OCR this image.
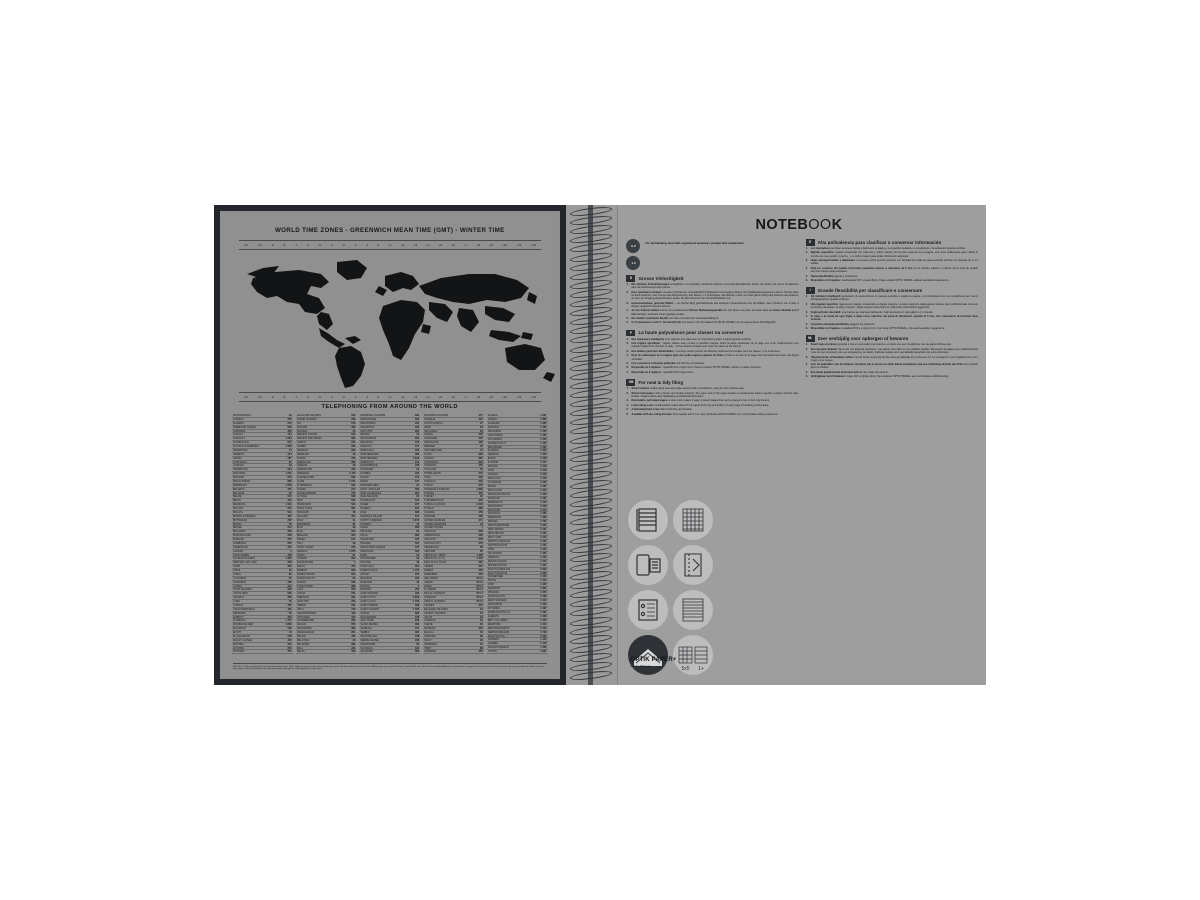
WORLD TIME ZONES - GREENWICH MEAN TIME (GMT) - WINTER TIME
-11	-10	-9	-8	-7	-6	-5	-4	-3	-2	-1	0	+1	+2	+3	+4	+5	+6	+7	+8	+9	+10	+11	+12
-11	-10	-9	-8	-7	-6	-5	-4	-3	-2	-1	0	+1	+2	+3	+4	+5	+6	+7	+8	+9	+10	+11	+12
TELEPHONING FROM AROUND THE WORLD
AFGHANISTAN	93
ALBANIA	355
ALGERIA	213
AMERICAN SAMOA	684
ANDORRA	376
ANGOLA	244
ANGUILLA	1 264
ANTARCTICA	672
ANTIGUA & BARBUDA	1 268
ARGENTINA	54
ARMENIA	374
ARUBA	297
AUSTRALIA	61
AUSTRIA	43
AZERBAIJAN	994
BAHAMAS	1 242
BAHRAIN	973
BANGLADESH	880
BARBADOS	1 246
BELARUS	375
BELGIUM	32
BELIZE	501
BENIN	229
BERMUDA	1 441
BHUTAN	975
BOLIVIA	591
BOSNIA & HERZEG.	387
BOTSWANA	267
BRAZIL	55
BRUNEI	673
BULGARIA	359
BURKINA FASO	226
BURUNDI	257
CAMBODIA	855
CAMEROON	237
CANADA	1
CAPE VERDE	238
CAYMAN ISLANDS	1 345
CENTRAL AFR. REP.	236
CHAD	235
CHILE	56
CHINA	86
COLOMBIA	57
COMOROS	269
CONGO	242
COOK ISLANDS	682
COSTA RICA	506
CROATIA	385
CUBA	53
CYPRUS	357
CZECH REPUBLIC	420
DENMARK	45
DJIBOUTI	253
DOMINICA	1 767
DOMINICAN REP.	1 809
ECUADOR	593
EGYPT	20
EL SALVADOR	503
EQUAT. GUINEA	240
ERITREA	291
ESTONIA	372
ETHIOPIA	251
FALKLAND ISLANDS	500
FAROE ISLANDS	298
FIJI	679
FINLAND	358
FRANCE	33
FRENCH GUIANA	594
FRENCH POLYNESIA	689
GABON	241
GAMBIA	220
GEORGIA	995
GERMANY	49
GHANA	233
GIBRALTAR	350
GREECE	30
GREENLAND	299
GRENADA	1 473
GUADELOUPE	590
GUAM	1 671
GUATEMALA	502
GUINEA	224
GUINEA-BISSAU	245
GUYANA	592
HAITI	509
HONDURAS	504
HONG KONG	852
HUNGARY	36
ICELAND	354
INDIA	91
INDONESIA	62
IRAN	98
IRAQ	964
IRELAND	353
ISRAEL	972
ITALY	39
IVORY COAST	225
JAMAICA	1 876
JAPAN	81
JORDAN	962
KAZAKHSTAN	7
KENYA	254
KIRIBATI	686
KOREA NORTH	850
KOREA SOUTH	82
KUWAIT	965
KYRGYZSTAN	996
LAOS	856
LATVIA	371
LEBANON	961
LESOTHO	266
LIBERIA	231
LIBYA	218
LIECHTENSTEIN	423
LITHUANIA	370
LUXEMBOURG	352
MACAO	853
MACEDONIA	389
MADAGASCAR	261
MALAWI	265
MALAYSIA	60
MALDIVES	960
MALI	223
MALTA	356
MARSHALL ISLANDS	692
MARTINIQUE	596
MAURITANIA	222
MAURITIUS	230
MAYOTTE	262
MEXICO	52
MICRONESIA	691
MOLDOVA	373
MONACO	377
MONGOLIA	976
MONTENEGRO	382
MONTSERRAT	1 664
MOROCCO	212
MOZAMBIQUE	258
MYANMAR	95
NAMIBIA	264
NAURU	674
NEPAL	977
NETHERLANDS	31
NETH. ANTILLES	599
NEW CALEDONIA	687
NEW ZEALAND	64
NICARAGUA	505
NIGER	227
NIGERIA	234
NIUE	683
NORFOLK ISLAND	672
NORTH. MARIANA	1 670
NORWAY	47
OMAN	968
PAKISTAN	92
PALAU	680
PALESTINE	970
PANAMA	507
PAPUA NEW GUINEA	675
PARAGUAY	595
PERU	51
PHILIPPINES	63
POLAND	48
PORTUGAL	351
PUERTO RICO	1 787
QATAR	974
REUNION	262
ROMANIA	40
RUSSIA	7
RWANDA	250
SAINT HELENA	290
SAINT KITTS	1 869
SAINT LUCIA	1 758
SAINT PIERRE	508
SAINT VINCENT	1 784
SAMOA	685
SAN MARINO	378
SAO TOME	239
SAUDI ARABIA	966
SENEGAL	221
SERBIA	381
SEYCHELLES	248
SIERRA LEONE	232
SINGAPORE	65
SLOVAKIA	421
SLOVENIA	386
SOLOMON ISLANDS	677
SOMALIA	252
SOUTH AFRICA	27
SPAIN	34
SRI LANKA	94
SUDAN	249
SURINAME	597
SWAZILAND	268
SWEDEN	46
SWITZERLAND	41
SYRIA	963
TAIWAN	886
TAJIKISTAN	992
TANZANIA	255
THAILAND	66
TIMOR-LESTE	670
TOGO	228
TOKELAU	690
TONGA	676
TRINIDAD & TOBAGO	1 868
TUNISIA	216
TURKEY	90
TURKMENISTAN	993
TURKS & CAICOS	1 649
TUVALU	688
UGANDA	256
UKRAINE	380
UNITED ARAB EM.	971
UNITED KINGDOM	44
UNITED STATES	1
URUGUAY	598
UZBEKISTAN	998
VANUATU	678
VATICAN CITY	379
VENEZUELA	58
VIETNAM	84
VIRGIN ISL. (BRIT.)	1 284
VIRGIN ISL. (U.S.)	1 340
WALLIS & FUTUNA	681
YEMEN	967
ZAMBIA	260
ZIMBABWE	263
ABU DHABI	971 2
AJMAN	971 6
DUBAI	971 4
FUJAIRAH	971 9
RAS AL KHAIMAH	971 7
SHARJAH	971 6
UMM AL QAIWAIN	971 6
AZORES	351
BALEARIC ISLANDS	34
CANARY ISLANDS	34
CEUTA	34
CORSICA	33
CRETE	30
MADEIRA	351
MELILLA	34
SARDINIA	39
SICILY	39
TASMANIA	61
TIBET	86
ZANZIBAR	255
ALASKA	1 907
HAWAII	1 808
ALABAMA	1 205
ARIZONA	1 480
ARKANSAS	1 479
CALIFORNIA	1 209
COLORADO	1 303
CONNECTICUT	1 203
DELAWARE	1 302
FLORIDA	1 305
GEORGIA	1 404
IDAHO	1 208
ILLINOIS	1 217
INDIANA	1 219
IOWA	1 319
KANSAS	1 316
KENTUCKY	1 270
LOUISIANA	1 225
MAINE	1 207
MARYLAND	1 240
MASSACHUSETTS	1 339
MICHIGAN	1 231
MINNESOTA	1 218
MISSISSIPPI	1 228
MISSOURI	1 314
MONTANA	1 406
NEBRASKA	1 308
NEVADA	1 702
NEW HAMPSHIRE	1 603
NEW JERSEY	1 201
NEW MEXICO	1 505
NEW YORK	1 212
NORTH CAROLINA	1 252
NORTH DAKOTA	1 701
OHIO	1 216
OKLAHOMA	1 405
OREGON	1 503
PENNSYLVANIA	1 215
RHODE ISLAND	1 401
SOUTH CAROLINA	1 803
SOUTH DAKOTA	1 605
TENNESSEE	1 423
TEXAS	1 210
UTAH	1 435
VERMONT	1 802
VIRGINIA	1 276
WASHINGTON	1 206
WEST VIRGINIA	1 304
WISCONSIN	1 262
WYOMING	1 307
WASHINGTON D.C.	1 202
ALBERTA	1 403
BRIT. COLUMBIA	1 250
MANITOBA	1 204
NEW BRUNSWICK	1 506
NEWFOUNDLAND	1 709
NOVA SCOTIA	1 902
ONTARIO	1 416
QUEBEC	1 418
SASKATCHEWAN	1 306
YUKON	1 867
NOTICE: 1. make a quick search on the international codes. 2007, subject to give access to the country you wish to call. For example if you call to the USA and you want to phone France, first dial 001 then 33 before the number. Although we have done our very best to make sure the list of countries and country codes are correct and up to date, please check the validity of the indicated national changes or only taking place in the world.
NOTEBOOK
A-Z
1-5
for demanding and well-organised business people and academics
D	Grosse Vielseitigkeit
1. Die stimmen Schnurfassungen ermöglichen ein schnelles, einfaches Scannen und unproblematisches Sehen der Seiten mit einem Smartphone über die hochwertigen App ordnen.
2. Eine speziellen Linearen: Linearen mit Rahmen, ausschließlich Kopfbereich und Angaben Raum. Der Mattbandmessstand im oberen Teil der Seite ist dazu bestimmt, das Thema oder Besprechung, das Datum, n.2 einzutragen. Die Ränder rechts und links (keine Post) sind Notieren des Datums, an dem ein Vorgang abgeschlossen wurde, für das Nummern der Verzeichnisfächer o.ä.
3. Herausnehmbare, gelochte Blätter – ein Gerlier-Ring geschäftsstelle das sauberen Heraustrennen der die Blätter, das in Rahme von 2 oder 4 Ringen aufgebohrt werden können.
4. An der hinteren Seiten kommt eine Farbdrucken Kleiner Markierungspunkte die sich oben und unten auf jeder Seite in einem Abstand von 5 mm befinden, verfasste Linien geprägt werden.
5. Ein starker Laminierter Deckel, der oben und dennoch widerstandsfähig ist.
6. In 3 Livaisionen erhältlich: format 5x5 mm und linear 6 mm 90 millisecond OPTIK PAPER+ für ein angenehmes Schreibgefühl.
F	La haute polyvalence pour classer ou conserver
1. Des marqueurs intelligents pour capturer une page avec un smartphone grâce à l'appli gratuite scribzee.
2. Une réglure spécifique : réglure cadrée avec en-tête et doubles marges. Dans la partie supérieure de la page une zone multifonctions pour indiquer l'objet d'une réunion, la date... et des doubles marges pour noter les idées ou les actions.
3. Des feuilles perforées détachables : une large touche permet de détacher facilement les feuilles pour les classer, 2 ou 4 anneaux.
4. Pour les utilisateurs de la réglure ligne des petits repères espacés de 5mm en haut et en bas de la page vous permettent de tracer des lignes verticales.
5. Une couverture cartonnée pelliculée à la fois fine et résistante.
6. Disponible en 2 réglures : quadrillé 5x5 et ligné 6mm. Papier extrafort OPTIK PAPER+ offrant un plaisir d'écriture.
7. Disponible en 2 réglures : quadrillé 5x5 et ligné 6mm.
GB	For neat & tidy filing
1. Smart markers enable quick and easy page capture with a smartphone using the free scribzee app.
2. Smart ruled paper: with a border and double margins. The upper part of the page includes a multipurpose field to specify a subject and the date. Double margins allow easy highlighting of additional information.
3. Removable, perforated pages: a wide comb makes it easy to detach pages that can be placed in two or four ring binders.
4. Lined ruling users: small location marks placed 5 mm apart at the top and bottom of each page for drawing vertical lines.
5. A laminated hard cover that is both thin and durable.
6. Available with two ruling formats: 5mm square and 6 mm ruled. Exclusive OPTIK PAPER+ for a comfortable writing experience.
5x5 1+
OPTIK PAPER+
Feel the difference
E	Alta polivalencia para clasificar o conservar información
1. Los marcadores permiten escanear rápida y fácilmente la página y compartirla mediante un smartphone y la aplicación gratuita archivar.
2. Rayado especifico: rayado enmarcado con cabecera y doble margen. En la parte superior de la página, una zona rediliaciente para indicar el nombre de una reunión, la fecha... y el doble margen para poder información adicional.
3. Hojas microperforadas y taladradas: un encarte perfor permite arrancar con facilidad las hojas de para perforlas archivar en carpetas de 2 o 4 anillas.
4. Para los usuarios del cuadro horizontal, pequeñas marcas a intervalos de 5 mm en los bordes superior e inferior de la zona de rayado permiten trazar líneas verticales.
5. Tapas plastificadas ligeras y resistentes.
6. Disponible en 2 rayados: cuadriculado 5x5 y rayado 6mm. Papel extralof OPTIK PAPER+ afilado suavidad al tapamento.
I	Grande flessibilità per classificare e conservare
1. Gli indicatori intelligenti permettono di scannerizzare in maniera semplice e rapida la pagina e di condividerla con uno smartphone per mezzo dell'applicazione gratuita scribzee.
2. Una rigatura specifica: rigatura con margini, intestazione e doppio margine. La parte superiore della pagina contiene una multifunzionale zona con la riunione da trattare, la data, il tempo. I doppi margini consentono di evidenziare informazioni aggiuntive.
3. Fogli perforati staccabili: una matrice per staccare facilmente i fogli da inserire in raccoglitori a 2 o 4 anelli.
4. In riano e le rivela ad ogni foglio a dyke corso ripristini, dei punti di riferimento spaziati di 5 mm, che consentono di tracciare linee verticali.
5. Copertina cartonata plastificata, leggera ma resistente.
6. Disponibile in 2 rigature: a quadretti 5x5 e a righe 6 mm. Con carta OPTIK PAPER+, che autorà qualità e leggerezza.
NL	Zeer veelzijdig voor opbergen of bewaren
1. Smart tags en primers giveplat s met en eenvoudig snel scannen en delen met een smartphone met de gratis scribzee app.
2. Een speciale liniatuur: lijnen die met kaderad doorlopen, met aparte mee titels en een dubbele kantlijn. Bovenaan de pagina een multifunctionele zone om het onderwerp van een vergadering, de datum. Dubbele marges voor gemakkelijk benadrukt van extra informatie.
3. Uitperforeerde, uitneembare vellen: met de brede inrode kip de bla echte gemakkelijk af te scheuren om ze vervolgens in een ringband met 2 of 4 ringen op te bergen.
4. Voor de gebruikers van de liniatuur met lijnen zijn er boven en onder kleine merktekens met een onderlinge afstand van 5mm met verticale lijnen te trekken.
5. Een harde gelamineerde kartonnen kaft die dun maar ook sterk is.
6. Verkrijgbaar met 2 liniaturen: ruitjes 5x5 en lijntjes 6mm. Met exclusief OPTIK PAPER+ een comfortabele schrijfervaring.
